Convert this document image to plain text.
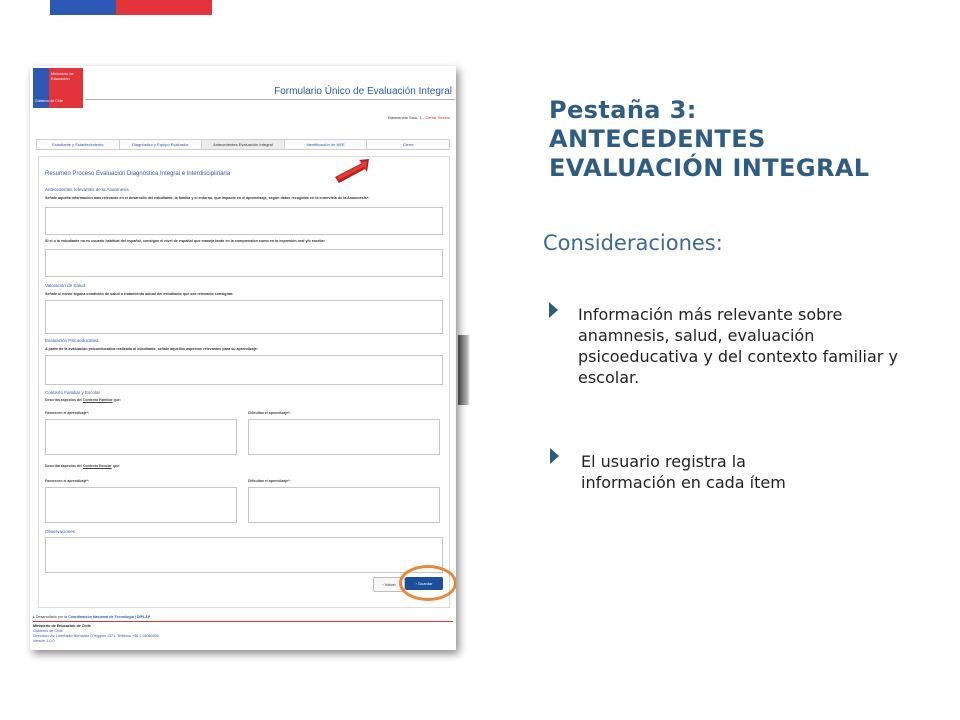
Ministerio de
Educación
Gobierno de Chile
Formulario Único de Evaluación Integral
Bienvenido Sruc. 1 - Cerrar Sesión
Estudiante y Establecimiento	Diagnóstico y Equipo Evaluador	Antecedentes Evaluación Integral	Identificación de NEE	Cierre
Resumen Proceso Evaluación Diagnóstica Integral e Interdisciplinaria
Antecedentes relevantes de la Anamnesis
Señale aquella información más relevante en el desarrollo del estudiante, la familia y el entorno, que impacte en el aprendizaje, según datos recogidos en la entrevista de la Anamnesis*:
Si el o la estudiante no es usuario habitual del español, consigne el nivel de español que maneja tanto en la comprensión como en la expresión oral y/o escrita:
Valoración de Salud
Señale si existe alguna condición de salud o tratamiento actual del estudiante que sea relevante consignar:
Evaluación Psicoeducativa
A partir de la evaluación psicoeducativa realizada al estudiante, señale aquellos aspectos relevantes para su aprendizaje:
Contexto Familiar y Escolar
Describa aspectos del Contexto Familiar que:
Favorecen el aprendizaje*:	Dificultan el aprendizaje*:
Describa aspectos del Contexto Escolar que:
Favorecen el aprendizaje*:	Dificultan el aprendizaje*:
Observaciones
‹ Volver	› Guardar
▸ Desarrollado por la Coordinación Nacional de Tecnología | DIPLAP
Ministerio de Educación de Chile
Gobierno de Chile
Dirección: Av. Libertador Bernardo O'Higgins 1371. Teléfono +56 2 24060000
Versión 1.0.0
Pestaña 3:
ANTECEDENTES
EVALUACIÓN INTEGRAL
Consideraciones:
Información más relevante sobre anamnesis, salud, evaluación psicoeducativa y del contexto familiar y escolar.
El usuario registra la información en cada ítem
